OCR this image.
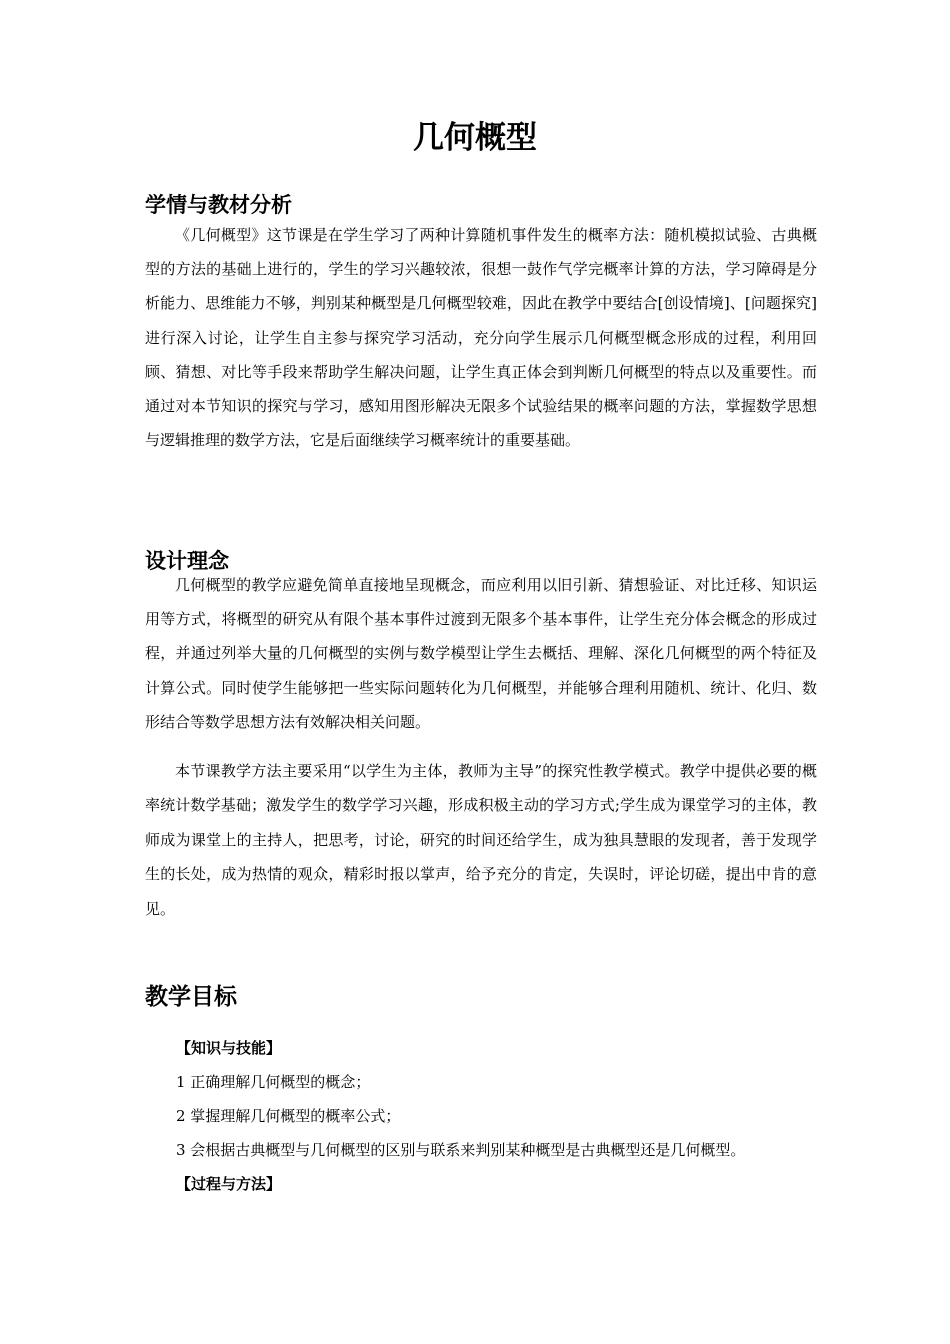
几何概型
学情与教材分析

《几何概型》这节课是在学生学习了两种计算随机事件发生的概率方法：随机模拟试验、古典概型的方法的基础上进行的，学生的学习兴趣较浓，很想一鼓作气学完概率计算的方法，学习障碍是分析能力、思维能力不够，判别某种概型是几何概型较难，因此在教学中要结合[创设情境]、[问题探究]进行深入讨论，让学生自主参与探究学习活动，充分向学生展示几何概型概念形成的过程，利用回顾、猜想、对比等手段来帮助学生解决问题，让学生真正体会到判断几何概型的特点以及重要性。而通过对本节知识的探究与学习，感知用图形解决无限多个试验结果的概率问题的方法，掌握数学思想与逻辑推理的数学方法，它是后面继续学习概率统计的重要基础。

设计理念

几何概型的教学应避免简单直接地呈现概念，而应利用以旧引新、猜想验证、对比迁移、知识运用等方式，将概型的研究从有限个基本事件过渡到无限多个基本事件，让学生充分体会概念的形成过程，并通过列举大量的几何概型的实例与数学模型让学生去概括、理解、深化几何概型的两个特征及计算公式。同时使学生能够把一些实际问题转化为几何概型，并能够合理利用随机、统计、化归、数形结合等数学思想方法有效解决相关问题。

本节课教学方法主要采用“以学生为主体，教师为主导”的探究性教学模式。教学中提供必要的概率统计数学基础；激发学生的数学学习兴趣，形成积极主动的学习方式;学生成为课堂学习的主体，教师成为课堂上的主持人，把思考，讨论，研究的时间还给学生，成为独具慧眼的发现者，善于发现学生的长处，成为热情的观众，精彩时报以掌声，给予充分的肯定，失误时，评论切磋，提出中肯的意见。

教学目标

【知识与技能】

1 正确理解几何概型的概念；

2 掌握理解几何概型的概率公式；

3 会根据古典概型与几何概型的区别与联系来判别某种概型是古典概型还是几何概型。

【过程与方法】
